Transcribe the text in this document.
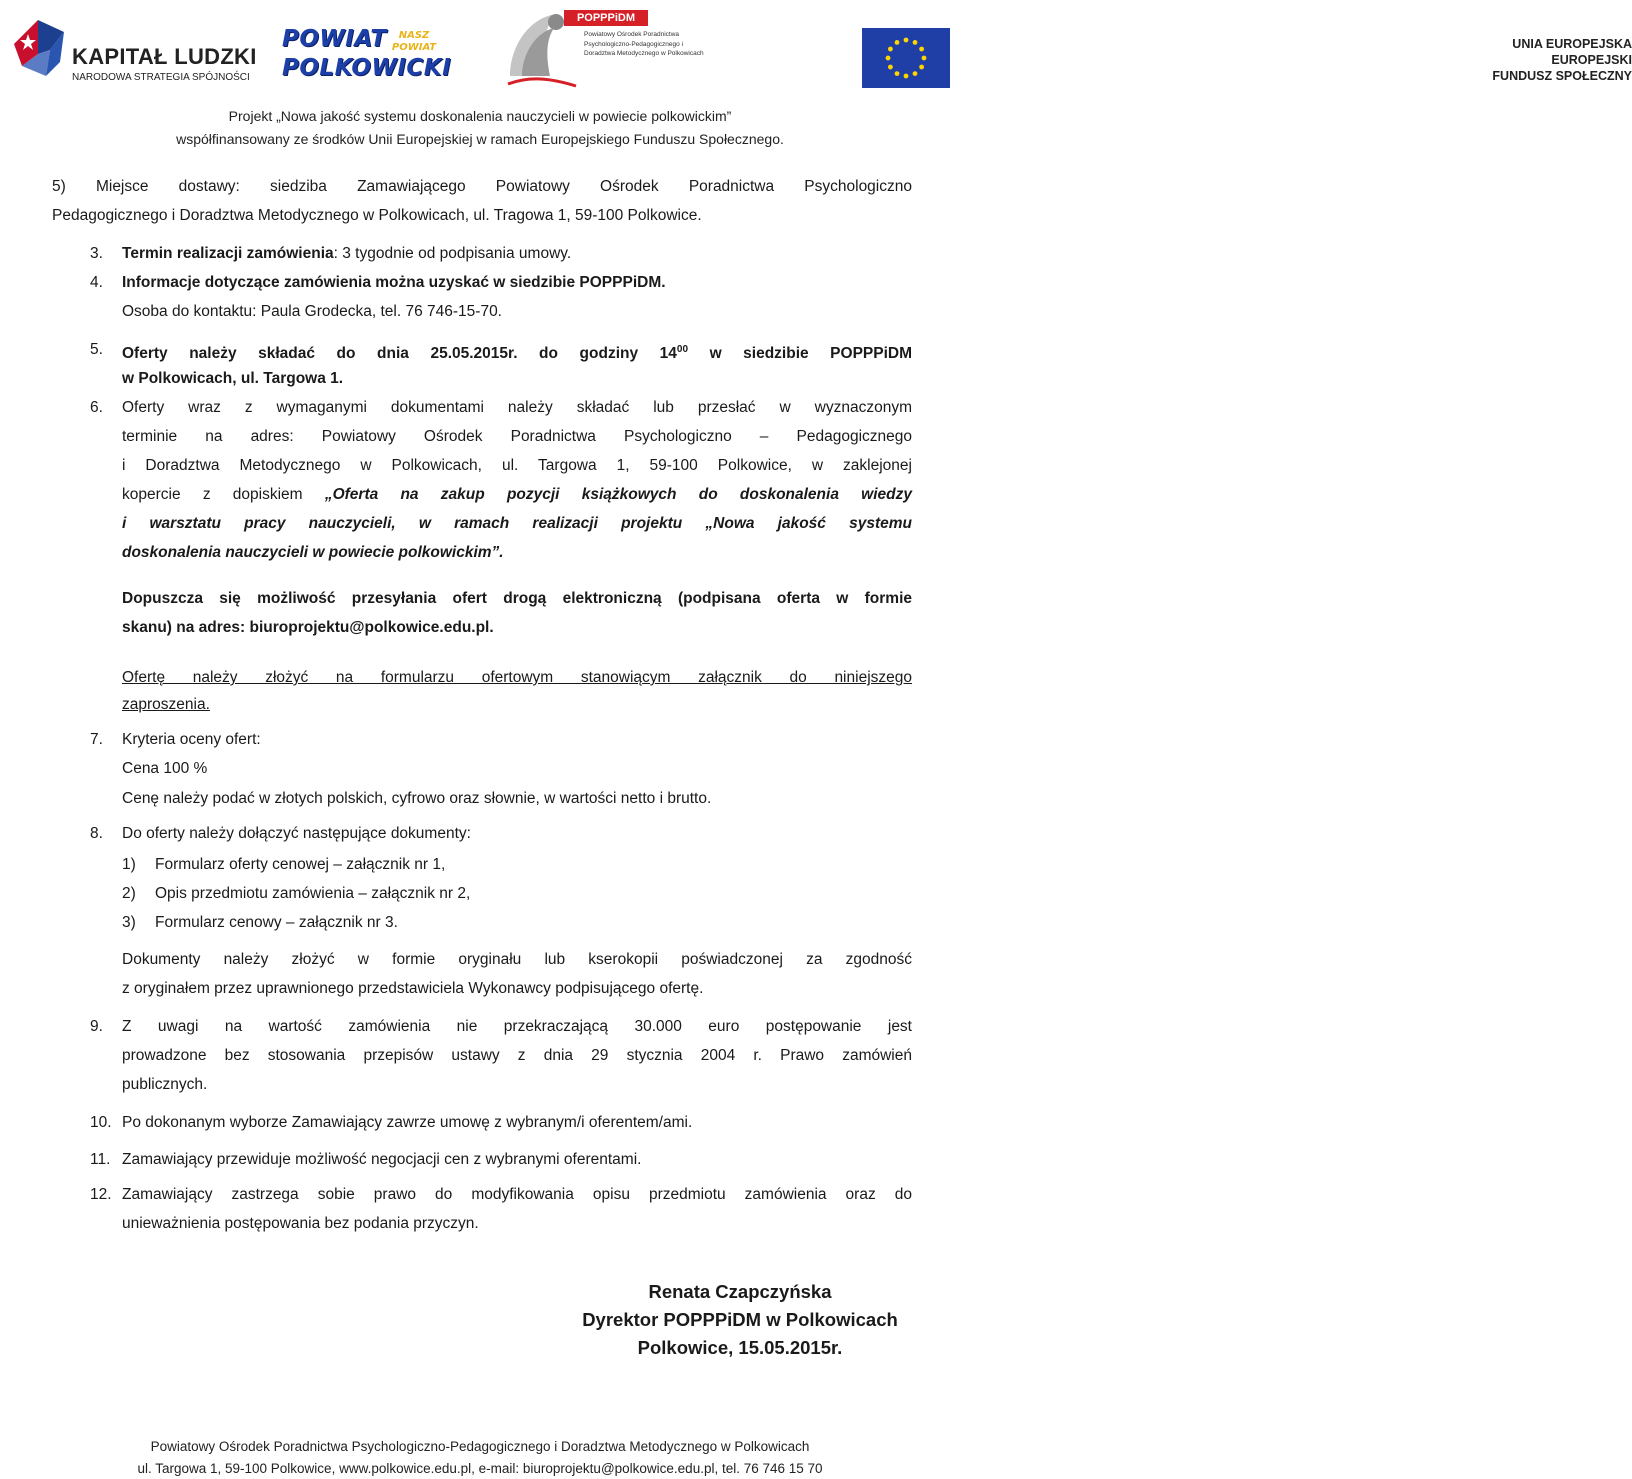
KAPITAŁ LUDZKI
NARODOWA STRATEGIA SPÓJNOŚCI
POWIAT
POLKOWICKI
NASZ POWIAT
POPPPiDM
Powiatowy Ośrodek Poradnictwa Psychologiczno-Pedagogicznego i Doradztwa Metodycznego w Polkowicach
UNIA EUROPEJSKA
EUROPEJSKI
FUNDUSZ SPOŁECZNY
Projekt „Nowa jakość systemu doskonalenia nauczycieli w powiecie polkowickim”
współfinansowany ze środków Unii Europejskiej w ramach Europejskiego Funduszu Społecznego.
5) Miejsce dostawy: siedziba Zamawiającego Powiatowy Ośrodek Poradnictwa Psychologiczno
Pedagogicznego i Doradztwa Metodycznego w Polkowicach, ul. Tragowa 1, 59-100 Polkowice.
3. Termin realizacji zamówienia: 3 tygodnie od podpisania umowy.
4. Informacje dotyczące zamówienia można uzyskać w siedzibie POPPPiDM.
Osoba do kontaktu: Paula Grodecka, tel. 76 746-15-70.
5. Oferty należy składać do dnia 25.05.2015r. do godziny $14^{00}$ w siedzibie POPPPiDM
w Polkowicach, ul. Targowa 1.
6. Oferty wraz z wymaganymi dokumentami należy składać lub przesłać w wyznaczonym
terminie na adres: Powiatowy Ośrodek Poradnictwa Psychologiczno – Pedagogicznego
i Doradztwa Metodycznego w Polkowicach, ul. Targowa 1, 59-100 Polkowice, w zaklejonej
kopercie z dopiskiem „Oferta na zakup pozycji książkowych do doskonalenia wiedzy
i warsztatu pracy nauczycieli, w ramach realizacji projektu „Nowa jakość systemu
doskonalenia nauczycieli w powiecie polkowickim”.
Dopuszcza się możliwość przesyłania ofert drogą elektroniczną (podpisana oferta w formie
skanu) na adres: biuroprojektu@polkowice.edu.pl.
Ofertę należy złożyć na formularzu ofertowym stanowiącym załącznik do niniejszego
zaproszenia.
7. Kryteria oceny ofert:
Cena 100 %
Cenę należy podać w złotych polskich, cyfrowo oraz słownie, w wartości netto i brutto.
8. Do oferty należy dołączyć następujące dokumenty:
1) Formularz oferty cenowej – załącznik nr 1,
2) Opis przedmiotu zamówienia – załącznik nr 2,
3) Formularz cenowy – załącznik nr 3.
Dokumenty należy złożyć w formie oryginału lub kserokopii poświadczonej za zgodność
z oryginałem przez uprawnionego przedstawiciela Wykonawcy podpisującego ofertę.
9. Z uwagi na wartość zamówienia nie przekraczającą 30.000 euro postępowanie jest
prowadzone bez stosowania przepisów ustawy z dnia 29 stycznia 2004 r. Prawo zamówień
publicznych.
10. Po dokonanym wyborze Zamawiający zawrze umowę z wybranym/i oferentem/ami.
11. Zamawiający przewiduje możliwość negocjacji cen z wybranymi oferentami.
12. Zamawiający zastrzega sobie prawo do modyfikowania opisu przedmiotu zamówienia oraz do
unieważnienia postępowania bez podania przyczyn.
Renata Czapczyńska
Dyrektor POPPPiDM w Polkowicach
Polkowice, 15.05.2015r.
Powiatowy Ośrodek Poradnictwa Psychologiczno-Pedagogicznego i Doradztwa Metodycznego w Polkowicach
ul. Targowa 1, 59-100 Polkowice, www.polkowice.edu.pl, e-mail: biuroprojektu@polkowice.edu.pl, tel. 76 746 15 70
